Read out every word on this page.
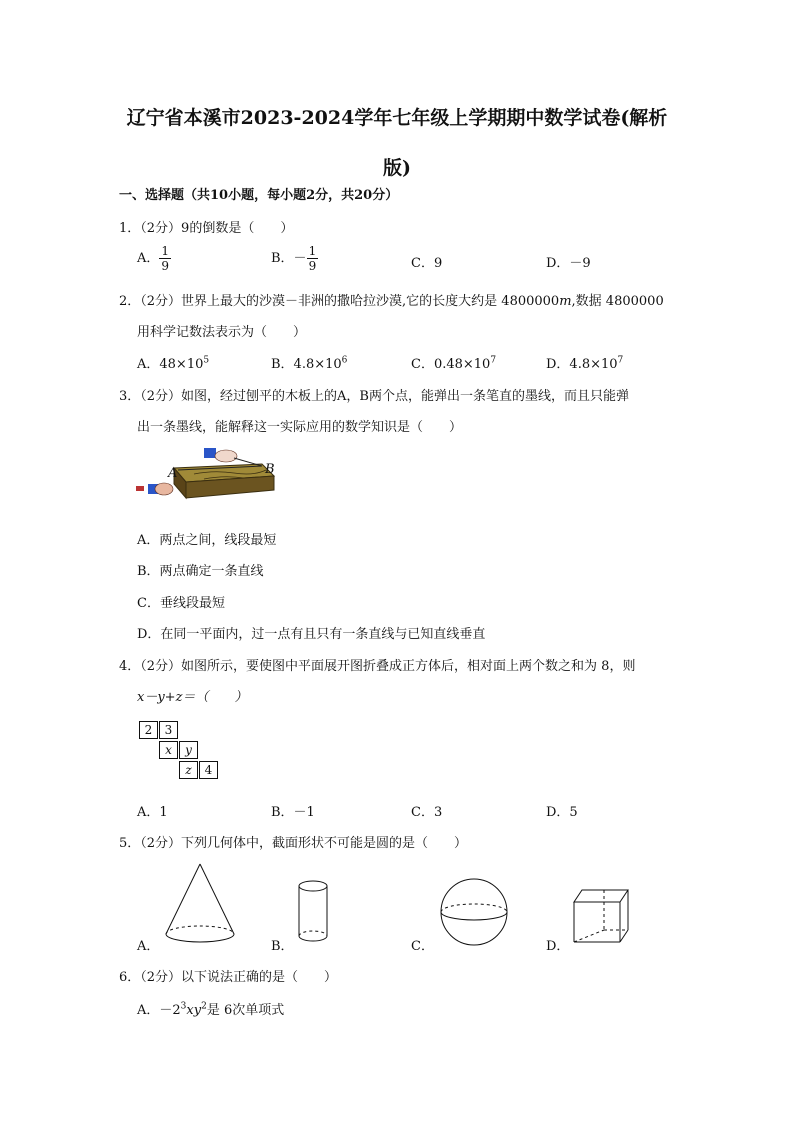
辽宁省本溪市2023-2024学年七年级上学期期中数学试卷(解析
版)
一、选择题（共10小题，每小题2分，共20分）
1．（2分）9的倒数是（　　）
A． $\frac{1}{9}$	B．－ $\frac{1}{9}$	C．9	D．－9
2．（2分）世界上最大的沙漠－非洲的撒哈拉沙漠,它的长度大约是 4800000m,数据 4800000
用科学记数法表示为（　　）
A．$48\times 10^5$	B．$4.8\times 10^6$	C．$0.48\times 10^7$	D．$4.8\times 10^7$
3．（2分）如图，经过刨平的木板上的A，B两个点，能弹出一条笔直的墨线，而且只能弹
出一条墨线，能解释这一实际应用的数学知识是（　　）
A	B
A．两点之间，线段最短
B．两点确定一条直线
C．垂线段最短
D．在同一平面内，过一点有且只有一条直线与已知直线垂直
4．（2分）如图所示，要使图中平面展开图折叠成正方体后，相对面上两个数之和为 8，则
x－y+z＝（　　）
2	3
x	y
z	4
A．1	B．－1	C．3	D．5
5．（2分）下列几何体中，截面形状不可能是圆的是（　　）
A．	B．	C．	D．
6．（2分）以下说法正确的是（　　）
A．$-2^3xy^2$是 6次单项式
